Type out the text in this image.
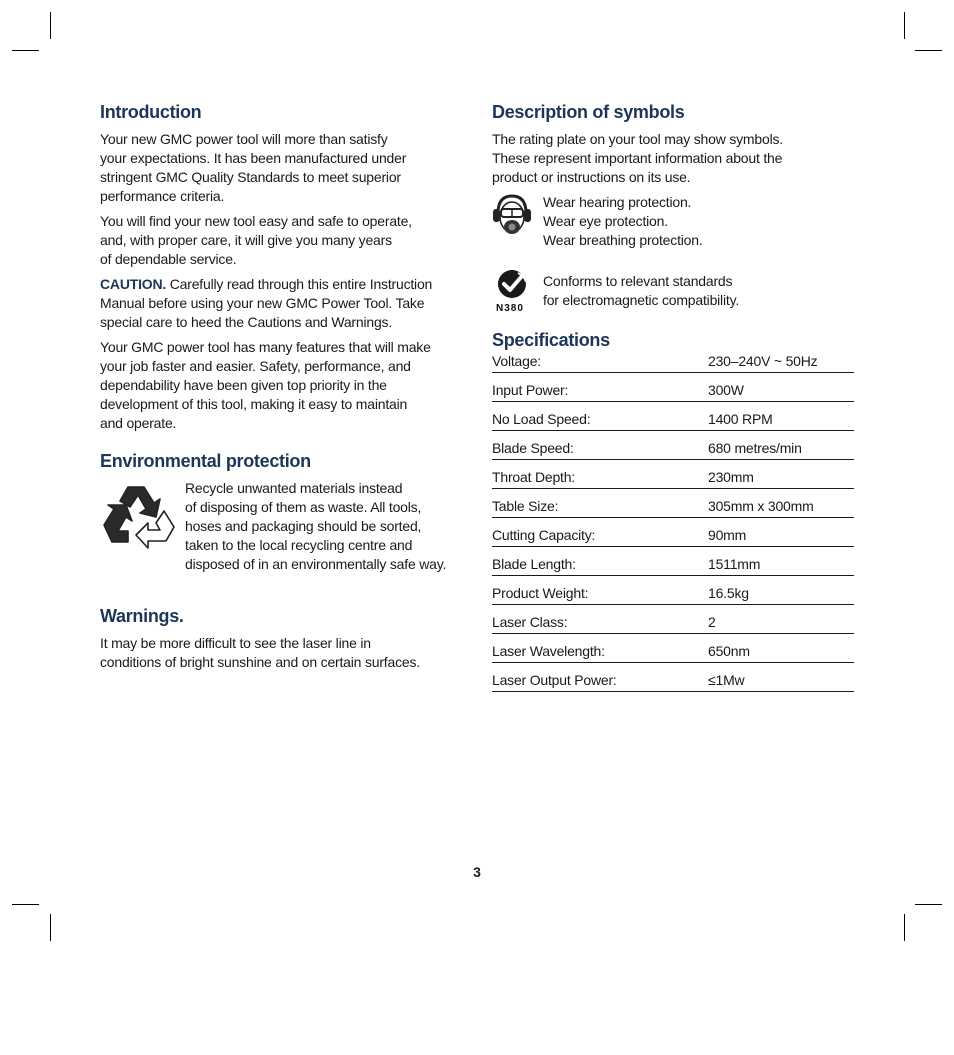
Introduction

Your new GMC power tool will more than satisfy
your expectations. It has been manufactured under
stringent GMC Quality Standards to meet superior
performance criteria.

You will find your new tool easy and safe to operate,
and, with proper care, it will give you many years
of dependable service.

CAUTION. Carefully read through this entire Instruction
Manual before using your new GMC Power Tool. Take
special care to heed the Cautions and Warnings.

Your GMC power tool has many features that will make
your job faster and easier. Safety, performance, and
dependability have been given top priority in the
development of this tool, making it easy to maintain
and operate.

Environmental protection

Recycle unwanted materials instead
of disposing of them as waste. All tools,
hoses and packaging should be sorted,
taken to the local recycling centre and
disposed of in an environmentally safe way.

Warnings.

It may be more difficult to see the laser line in
conditions of bright sunshine and on certain surfaces.

Description of symbols

The rating plate on your tool may show symbols.
These represent important information about the
product or instructions on its use.

Wear hearing protection.
Wear eye protection.
Wear breathing protection.

N380

Conforms to relevant standards
for electromagnetic compatibility.

Specifications
Voltage:	230–240V ~ 50Hz
Input Power:	300W
No Load Speed:	1400 RPM
Blade Speed:	680 metres/min
Throat Depth:	230mm
Table Size:	305mm x 300mm
Cutting Capacity:	90mm
Blade Length:	1511mm
Product Weight:	16.5kg
Laser Class:	2
Laser Wavelength:	650nm
Laser Output Power:	≤1Mw
3
